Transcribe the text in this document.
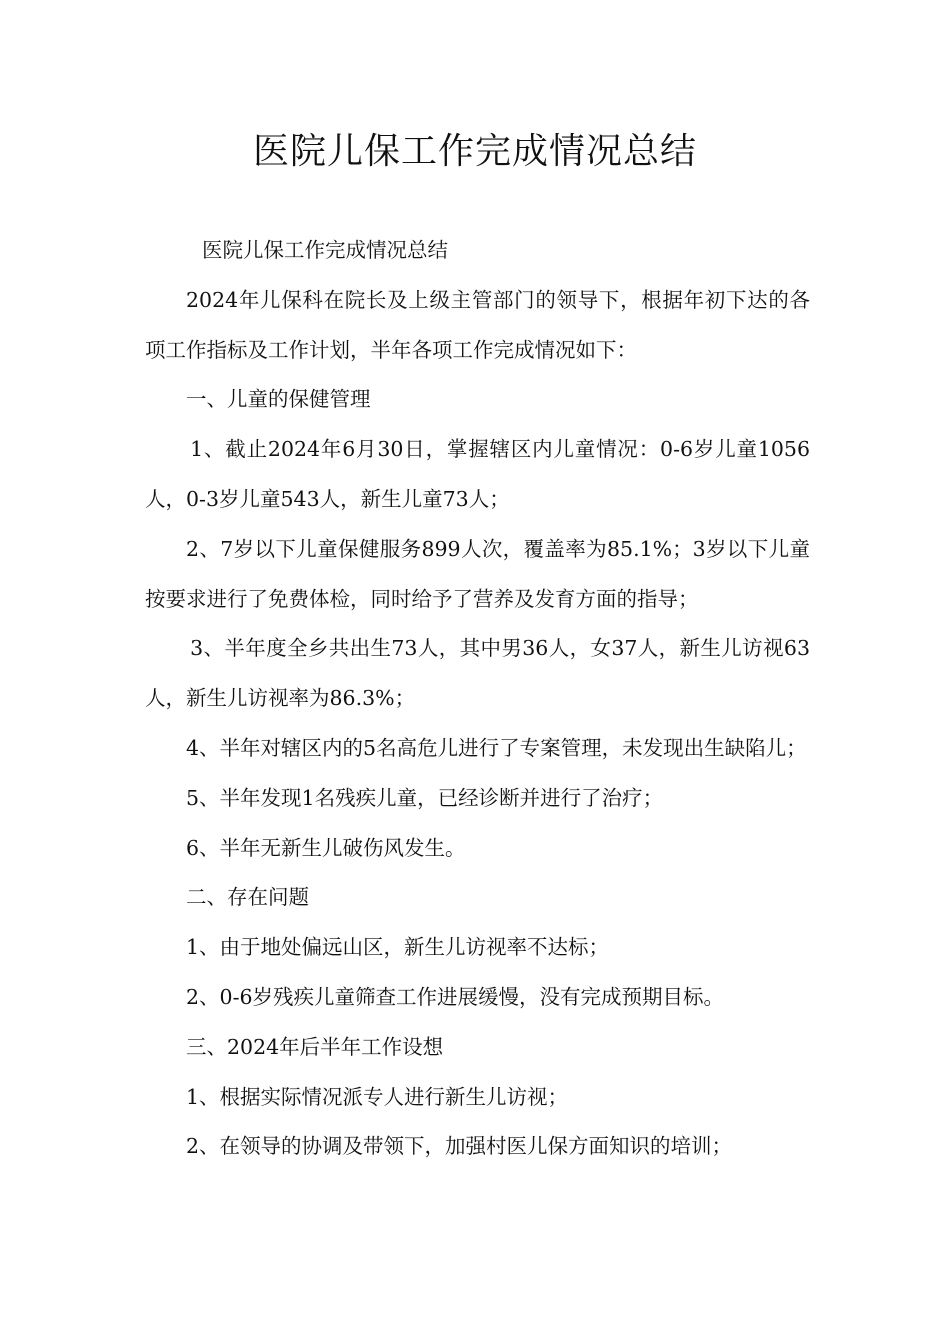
医院儿保工作完成情况总结

医院儿保工作完成情况总结

2024年儿保科在院长及上级主管部门的领导下，根据年初下达的各项工作指标及工作计划，半年各项工作完成情况如下：

一、儿童的保健管理

1、截止2024年6月30日，掌握辖区内儿童情况：0-6岁儿童1056人，0-3岁儿童543人，新生儿童73人；

2、7岁以下儿童保健服务899人次，覆盖率为85.1%；3岁以下儿童按要求进行了免费体检，同时给予了营养及发育方面的指导；

3、半年度全乡共出生73人，其中男36人，女37人，新生儿访视63人，新生儿访视率为86.3%；

4、半年对辖区内的5名高危儿进行了专案管理，未发现出生缺陷儿；

5、半年发现1名残疾儿童，已经诊断并进行了治疗；

6、半年无新生儿破伤风发生。

二、存在问题

1、由于地处偏远山区，新生儿访视率不达标；

2、0-6岁残疾儿童筛查工作进展缓慢，没有完成预期目标。

三、2024年后半年工作设想

1、根据实际情况派专人进行新生儿访视；

2、在领导的协调及带领下，加强村医儿保方面知识的培训；
